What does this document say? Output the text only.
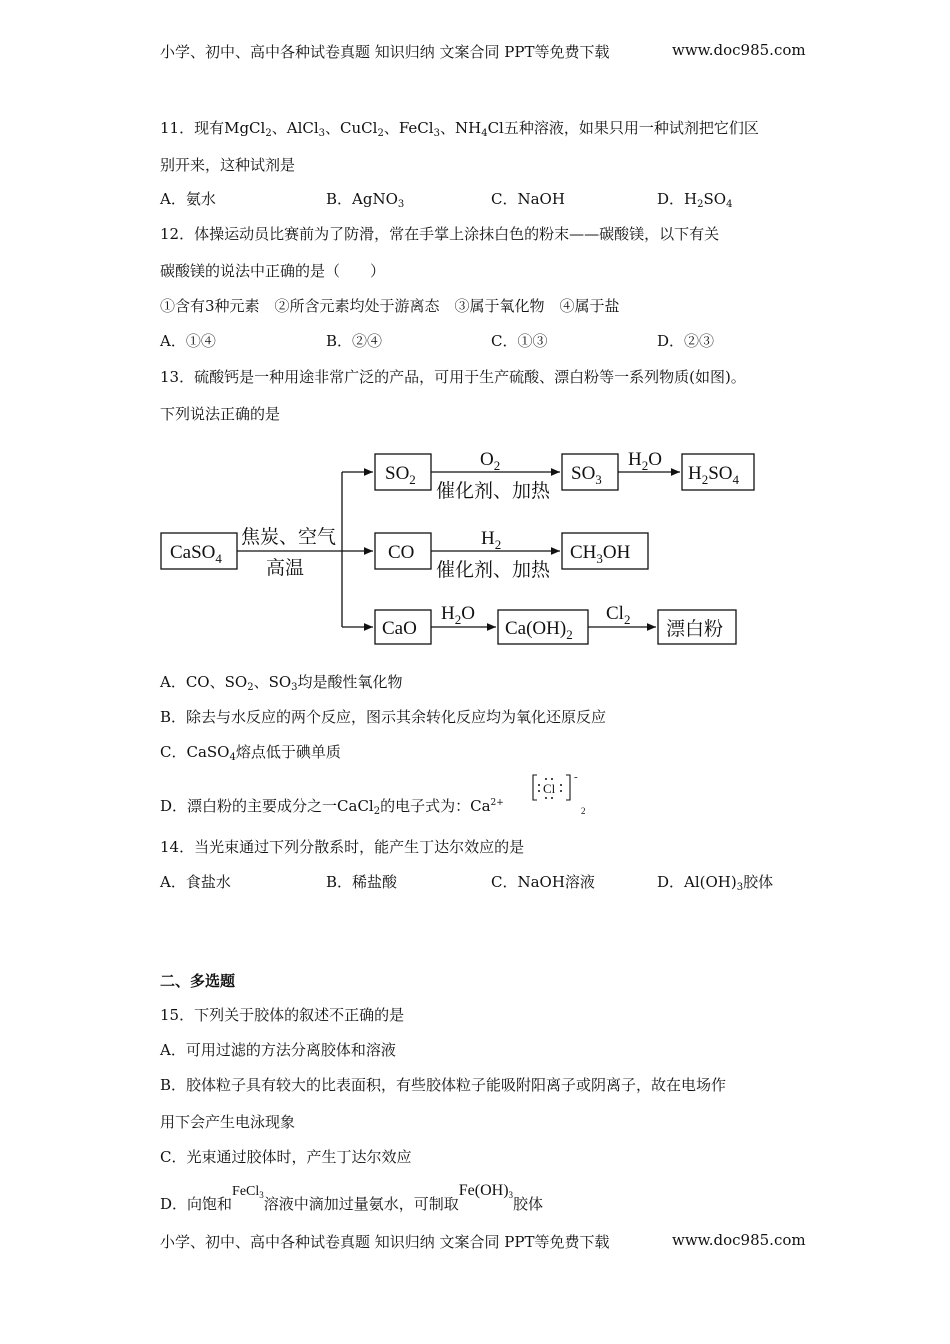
小学、初中、高中各种试卷真题 知识归纳 文案合同 PPT等免费下载	www.doc985.com
11．现有MgCl$_2$、AlCl$_3$、CuCl$_2$、FeCl$_3$、$NH_4Cl$五种溶液，如果只用一种试剂把它们区
别开来，这种试剂是
A．氨水	B．AgNO$_3$	C．NaOH	D．$H_2SO_4$
12．体操运动员比赛前为了防滑，常在手掌上涂抹白色的粉末——碳酸镁，以下有关
碳酸镁的说法中正确的是（　　）
①含有3种元素　②所含元素均处于游离态　③属于氧化物　④属于盐
A．①④	B．②④	C．①③	D．②③
13．硫酸钙是一种用途非常广泛的产品，可用于生产硫酸、漂白粉等一系列物质(如图)。
下列说法正确的是
CaSO$_4$
焦炭、空气
高温
$SO_2$
$O_2$
催化剂、加热
$SO_3$
$H_2O$
$H_2SO_4$
CO
$H_2$
催化剂、加热
$CH_3OH$
CaO
$H_2O$
$Ca(OH)_2$
$Cl_2$ 漂白粉
A．CO、$SO_2$、$SO_3$均是酸性氧化物
B．除去与水反应的两个反应，图示其余转化反应均为氧化还原反应
C．CaSO$_4$熔点低于碘单质
D．漂白粉的主要成分之一CaCl$_2$的电子式为：$Ca^{2+}$
Cl
-
2
14．当光束通过下列分散系时，能产生丁达尔效应的是
A．食盐水	B．稀盐酸	C．NaOH溶液	D．$Al(OH)_3$胶体
二、多选题
15．下列关于胶体的叙述不正确的是
A．可用过滤的方法分离胶体和溶液
B．胶体粒子具有较大的比表面积，有些胶体粒子能吸附阳离子或阴离子，故在电场作
用下会产生电泳现象
C．光束通过胶体时，产生丁达尔效应
D．向饱和FeCl$_3$溶液中滴加过量氨水，可制取Fe(OH)3胶体
小学、初中、高中各种试卷真题 知识归纳 文案合同 PPT等免费下载	www.doc985.com
